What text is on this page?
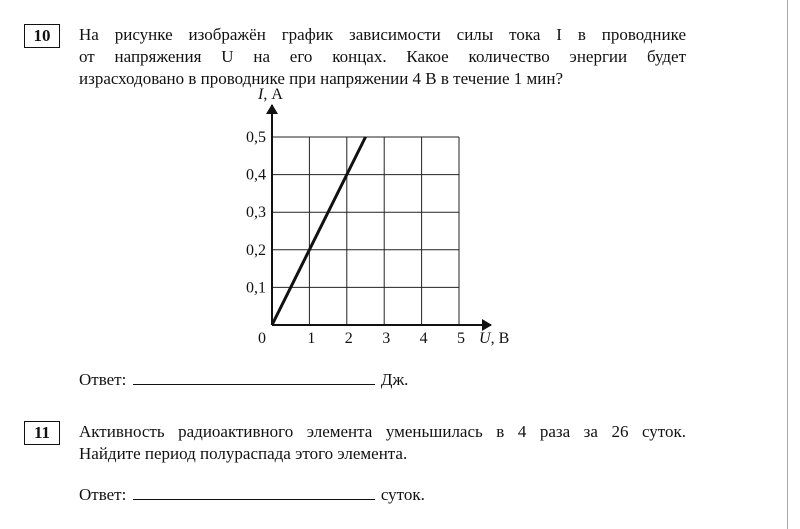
10 На рисунке изображён график зависимости силы тока I в проводнике
от напряжения U на его концах. Какое количество энергии будет
израсходовано в проводнике при напряжении 4 В в течение 1 мин?
1 2 3 4 5
0,1
0,2
0,3
0,4
0,5
0
I, А
U, В
Ответ:	Дж.
11 Активность радиоактивного элемента уменьшилась в 4 раза за 26 суток.
Найдите период полураспада этого элемента.
Ответ:	суток.
